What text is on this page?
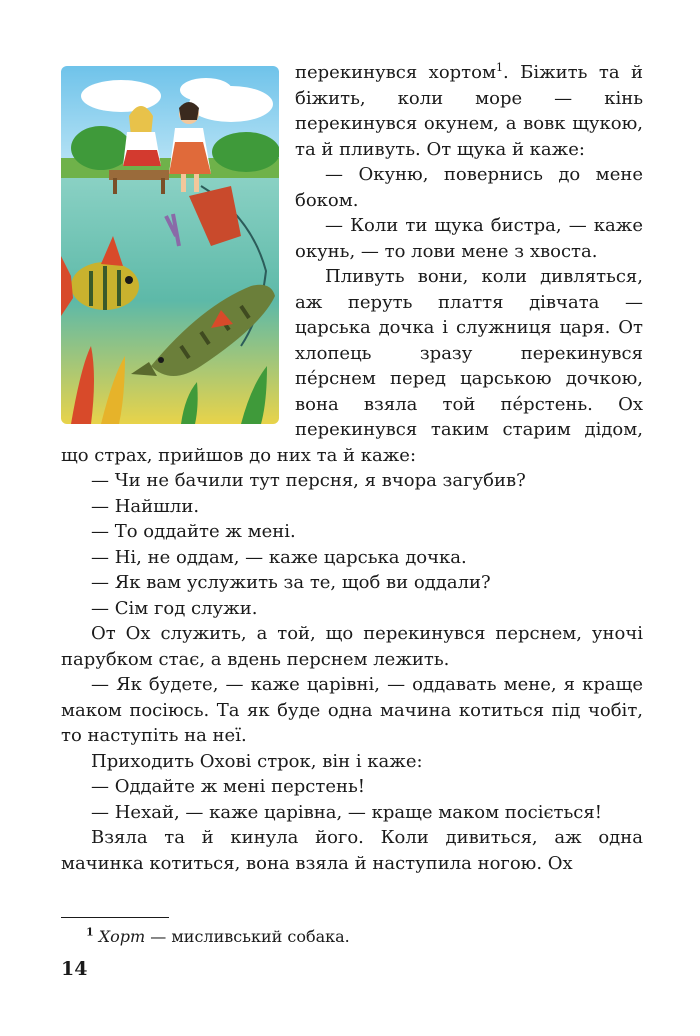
перекинувся хортом$^1$. Біжить та й біжить, коли море — кінь перекинувся окунем, а вовк щукою, та й пливуть. От щука й каже:

— Окуню, повернись до мене боком.

— Коли ти щука бистра, — каже окунь, — то лови мене з хвоста.

Пливуть вони, коли дивляться, аж перуть плаття дівчата — царська дочка і служниця царя. От хлопець зразу перекинувся пе́рснем перед царською дочкою, вона взяла той пе́рстень. Ох перекинувся таким старим дідом, що страх, прийшов до них та й каже:

— Чи не бачили тут персня, я вчора загубив?

— Найшли.

— То оддайте ж мені.

— Ні, не оддам, — каже царська дочка.

— Як вам услужить за те, щоб ви оддали?

— Сім год служи.

От Ох служить, а той, що перекинувся перснем, уночі парубком стає, а вдень перснем лежить.

— Як будете, — каже царівні, — оддавать мене, я краще маком посіюсь. Та як буде одна мачина котиться під чобіт, то наступіть на неї.

Приходить Охові строк, він і каже:

— Оддайте ж мені перстень!

— Нехай, — каже царівна, — краще маком посіється!

Взяла та й кинула його. Коли дивиться, аж одна мачинка котиться, вона взяла й наступила ногою. Ох

$^1$ Хорт — мисливський собака.
14
